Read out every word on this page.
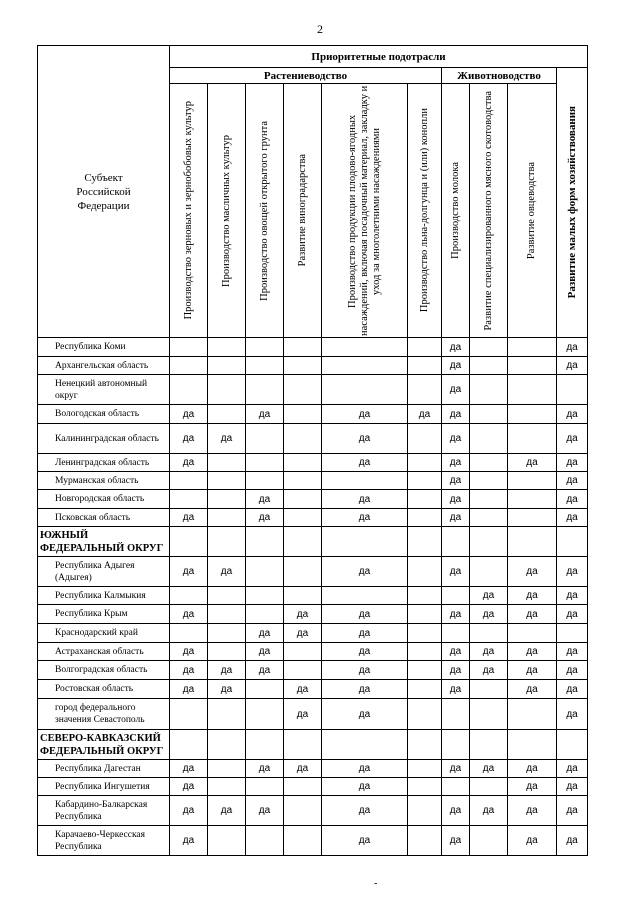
2
Субъект Российской Федерации	Приоритетные подотрасли									
	Растениеводство						Животноводство			Развитие малых форм хозяйствования

	Производство зерновых и зернобобовых культур	Производство масличных культур	Производство овощей открытого грунта	Развитие виноградарства	Производство продукции плодово-ягодных насаждений, включая посадочный материал, закладку и уход за многолетними насаждениями	Производство льна-долгунца и (или) конопли	Производство молока	Развитие специализированного мясного скотоводства	Развитие овцеводства	

Республика Коми							да			да
Архангельская область							да			да
Ненецкий автономный округ							да			
Вологодская область	да		да		да	да	да			да
Калининградская область	да	да			да		да			да
Ленинградская область	да				да		да		да	да
Мурманская область							да			да
Новгородская область			да		да		да			да
Псковская область	да		да		да		да			да
ЮЖНЫЙ ФЕДЕРАЛЬНЫЙ ОКРУГ										
Республика Адыгея (Адыгея)	да	да			да		да		да	да
Республика Калмыкия								да	да	да
Республика Крым	да			да	да		да	да	да	да
Краснодарский край			да	да	да					
Астраханская область	да		да		да		да	да	да	да
Волгоградская область	да	да	да		да		да	да	да	да
Ростовская область	да	да		да	да		да		да	да
город федерального значения Севастополь				да	да					да
СЕВЕРО-КАВКАЗСКИЙ ФЕДЕРАЛЬНЫЙ ОКРУГ										
Республика Дагестан	да		да	да	да		да	да	да	да
Республика Ингушетия	да				да				да	да
Кабардино-Балкарская Республика	да	да	да		да		да	да	да	да
Карачаево-Черкесская Республика	да				да		да		да	да
-
